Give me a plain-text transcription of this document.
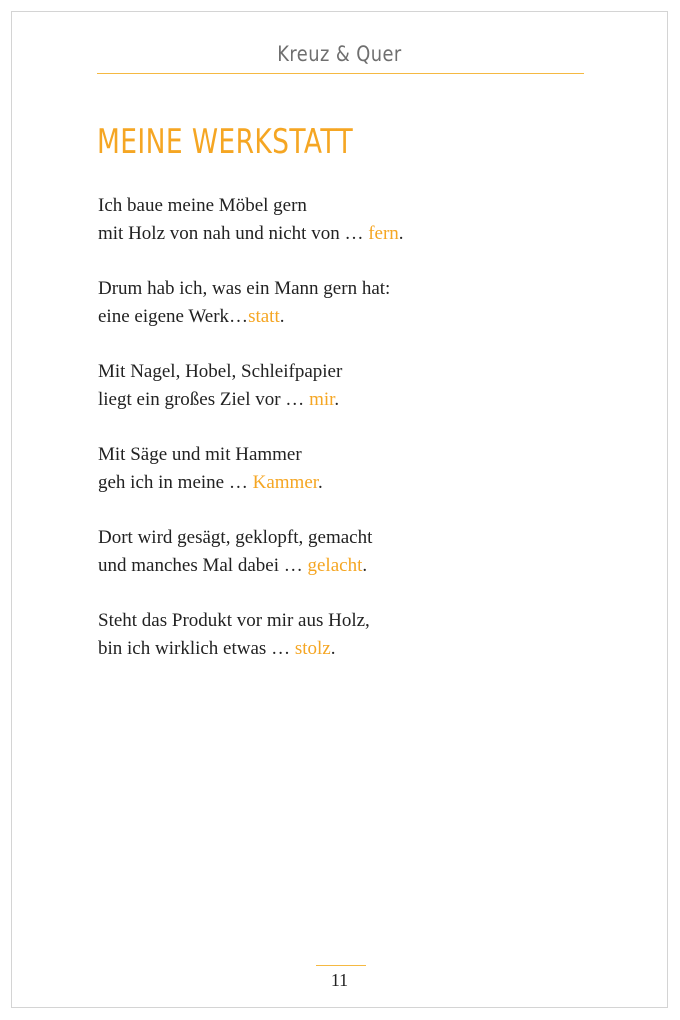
Kreuz & Quer
MEINE WERKSTATT
Ich baue meine Möbel gern
mit Holz von nah und nicht von … fern.
Drum hab ich, was ein Mann gern hat:
eine eigene Werk…statt.
Mit Nagel, Hobel, Schleifpapier
liegt ein großes Ziel vor … mir.
Mit Säge und mit Hammer
geh ich in meine … Kammer.
Dort wird gesägt, geklopft, gemacht
und manches Mal dabei … gelacht.
Steht das Produkt vor mir aus Holz,
bin ich wirklich etwas … stolz.
11
